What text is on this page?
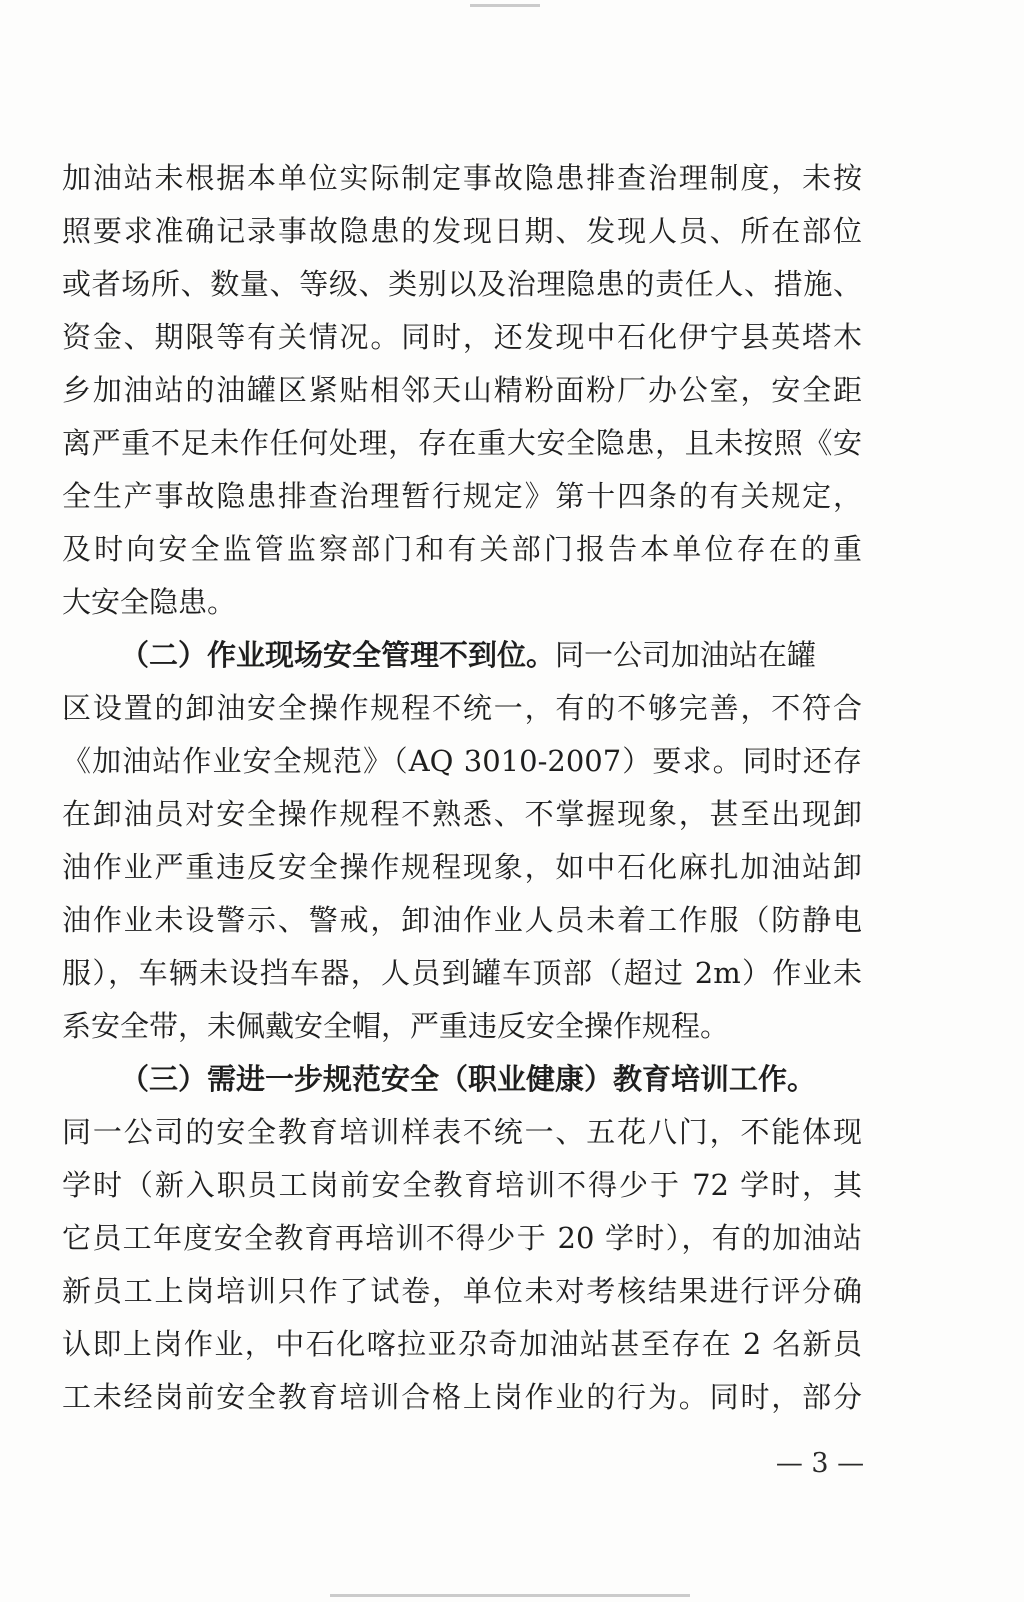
加油站未根据本单位实际制定事故隐患排查治理制度，未按
照要求准确记录事故隐患的发现日期、发现人员、所在部位
或者场所、数量、等级、类别以及治理隐患的责任人、措施、
资金、期限等有关情况。同时，还发现中石化伊宁县英塔木
乡加油站的油罐区紧贴相邻天山精粉面粉厂办公室，安全距
离严重不足未作任何处理，存在重大安全隐患，且未按照《安
全生产事故隐患排查治理暂行规定》第十四条的有关规定，
及时向安全监管监察部门和有关部门报告本单位存在的重
大安全隐患。
（二）作业现场安全管理不到位。同一公司加油站在罐
区设置的卸油安全操作规程不统一，有的不够完善，不符合
《加油站作业安全规范》（AQ 3010-2007）要求。同时还存
在卸油员对安全操作规程不熟悉、不掌握现象，甚至出现卸
油作业严重违反安全操作规程现象，如中石化麻扎加油站卸
油作业未设警示、警戒，卸油作业人员未着工作服（防静电
服），车辆未设挡车器，人员到罐车顶部（超过 2m）作业未
系安全带，未佩戴安全帽，严重违反安全操作规程。
（三）需进一步规范安全（职业健康）教育培训工作。
同一公司的安全教育培训样表不统一、五花八门，不能体现
学时（新入职员工岗前安全教育培训不得少于 72 学时，其
它员工年度安全教育再培训不得少于 20 学时），有的加油站
新员工上岗培训只作了试卷，单位未对考核结果进行评分确
认即上岗作业，中石化喀拉亚尕奇加油站甚至存在 2 名新员
工未经岗前安全教育培训合格上岗作业的行为。同时，部分
— 3 —
